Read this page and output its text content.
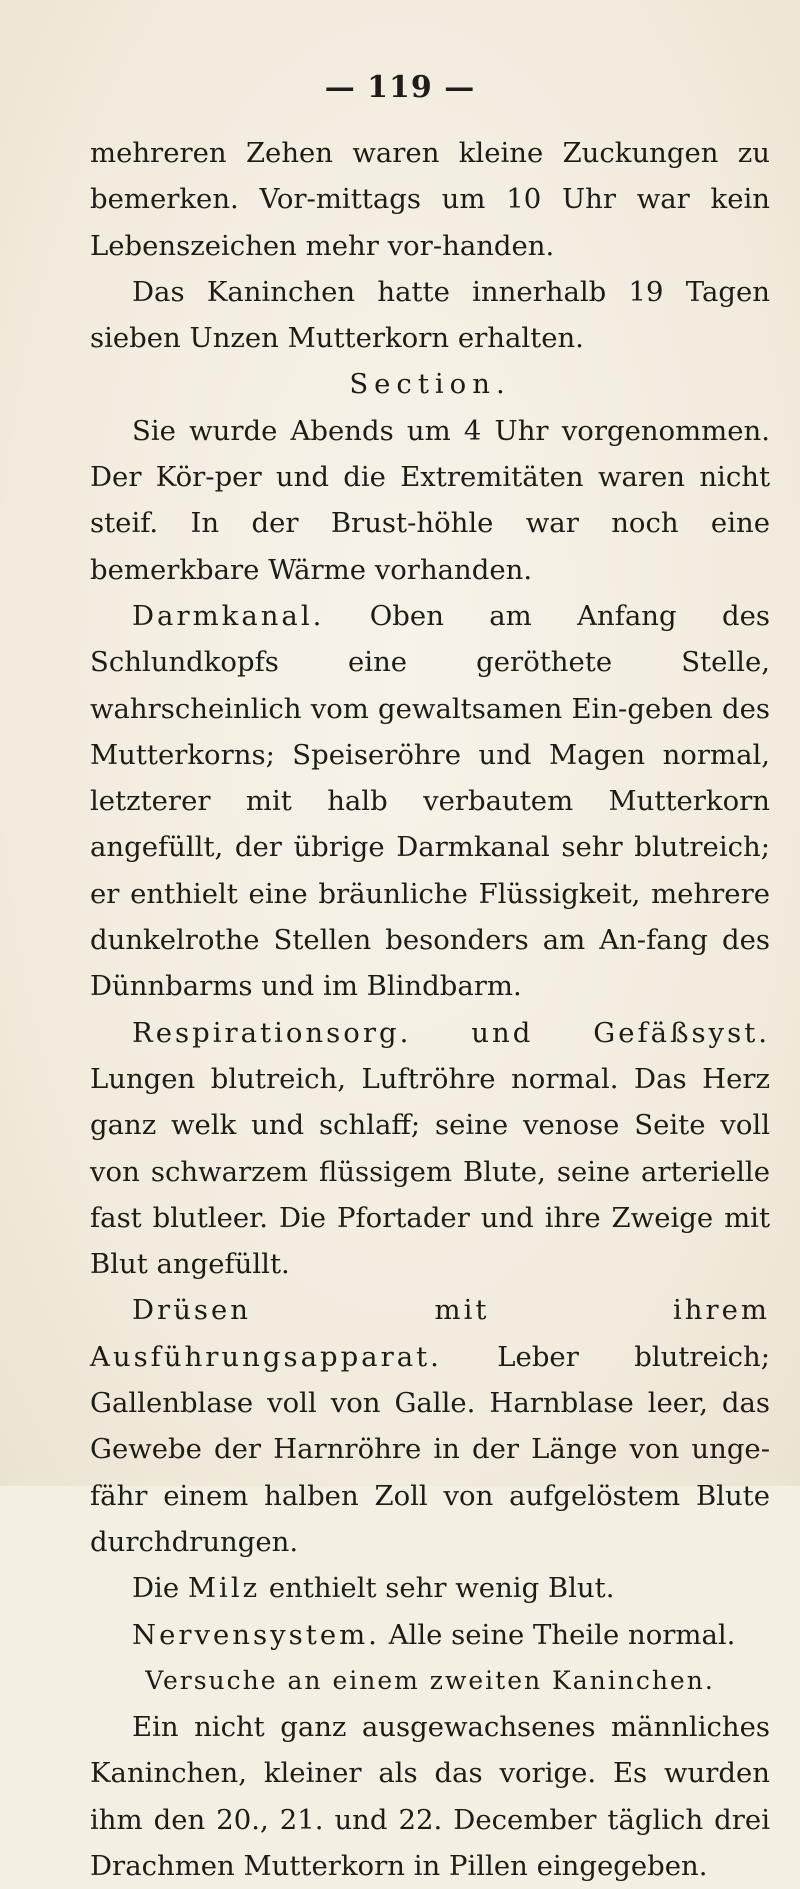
— 119 —

mehreren Zehen waren kleine Zuckungen zu bemerken. Vor-mittags um 10 Uhr war kein Lebenszeichen mehr vor-handen.

Das Kaninchen hatte innerhalb 19 Tagen sieben Unzen Mutterkorn erhalten.

Section.

Sie wurde Abends um 4 Uhr vorgenommen. Der Kör-per und die Extremitäten waren nicht steif. In der Brust-höhle war noch eine bemerkbare Wärme vorhanden.

Darmkanal. Oben am Anfang des Schlundkopfs eine geröthete Stelle, wahrscheinlich vom gewaltsamen Ein-geben des Mutterkorns; Speiseröhre und Magen normal, letzterer mit halb verbautem Mutterkorn angefüllt, der übrige Darmkanal sehr blutreich; er enthielt eine bräunliche Flüssigkeit, mehrere dunkelrothe Stellen besonders am An-fang des Dünnbarms und im Blindbarm.

Respirationsorg. und Gefäßsyst. Lungen blutreich, Luftröhre normal. Das Herz ganz welk und schlaff; seine venose Seite voll von schwarzem flüssigem Blute, seine arterielle fast blutleer. Die Pfortader und ihre Zweige mit Blut angefüllt.

Drüsen mit ihrem Ausführungsapparat. Leber blutreich; Gallenblase voll von Galle. Harnblase leer, das Gewebe der Harnröhre in der Länge von unge-fähr einem halben Zoll von aufgelöstem Blute durchdrungen.

Die Milz enthielt sehr wenig Blut.

Nervensystem. Alle seine Theile normal.

Versuche an einem zweiten Kaninchen.

Ein nicht ganz ausgewachsenes männliches Kaninchen, kleiner als das vorige. Es wurden ihm den 20., 21. und 22. December täglich drei Drachmen Mutterkorn in Pillen eingegeben.
